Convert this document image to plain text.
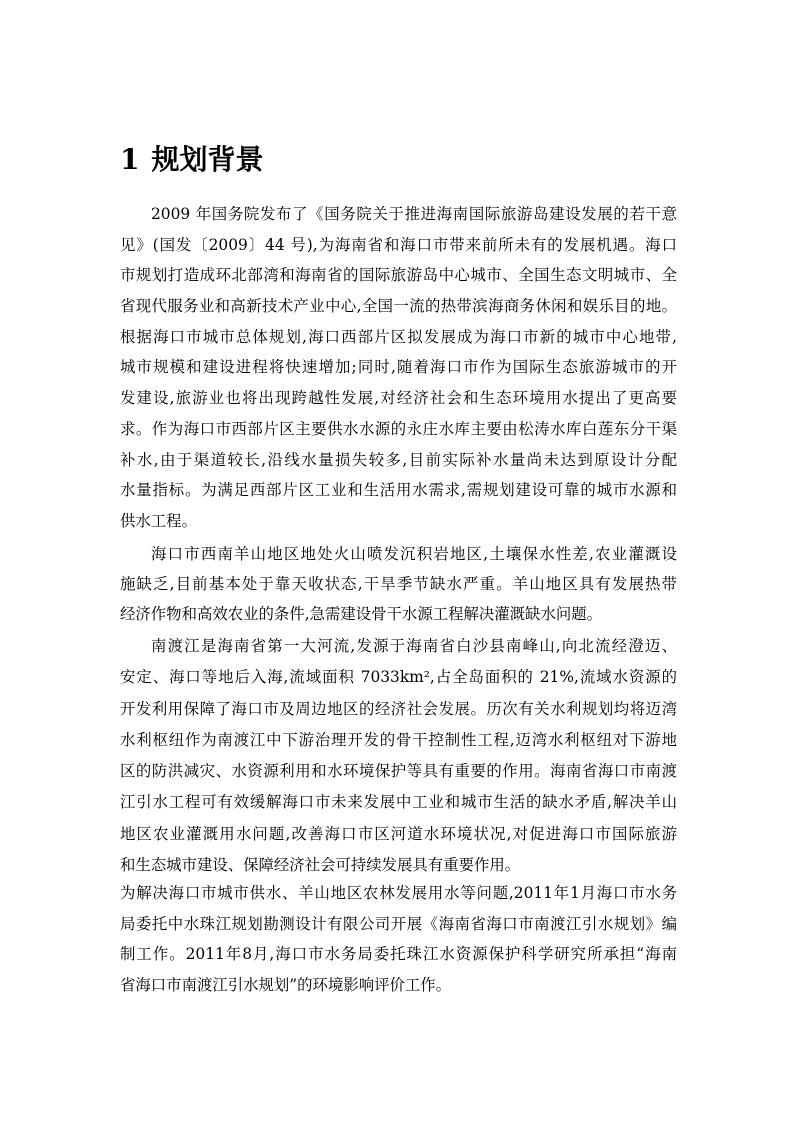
1 规划背景
2009 年国务院发布了《国务院关于推进海南国际旅游岛建设发展的若干意
见》(国发〔2009〕44 号),为海南省和海口市带来前所未有的发展机遇。海口
市规划打造成环北部湾和海南省的国际旅游岛中心城市、全国生态文明城市、全
省现代服务业和高新技术产业中心,全国一流的热带滨海商务休闲和娱乐目的地。
根据海口市城市总体规划,海口西部片区拟发展成为海口市新的城市中心地带,
城市规模和建设进程将快速增加;同时,随着海口市作为国际生态旅游城市的开
发建设,旅游业也将出现跨越性发展,对经济社会和生态环境用水提出了更高要
求。作为海口市西部片区主要供水水源的永庄水库主要由松涛水库白莲东分干渠
补水,由于渠道较长,沿线水量损失较多,目前实际补水量尚未达到原设计分配
水量指标。为满足西部片区工业和生活用水需求,需规划建设可靠的城市水源和
供水工程。
海口市西南羊山地区地处火山喷发沉积岩地区,土壤保水性差,农业灌溉设
施缺乏,目前基本处于靠天收状态,干旱季节缺水严重。羊山地区具有发展热带
经济作物和高效农业的条件,急需建设骨干水源工程解决灌溉缺水问题。
南渡江是海南省第一大河流,发源于海南省白沙县南峰山,向北流经澄迈、
安定、海口等地后入海,流域面积 7033km²,占全岛面积的 21%,流域水资源的
开发利用保障了海口市及周边地区的经济社会发展。历次有关水利规划均将迈湾
水利枢纽作为南渡江中下游治理开发的骨干控制性工程,迈湾水利枢纽对下游地
区的防洪减灾、水资源利用和水环境保护等具有重要的作用。海南省海口市南渡
江引水工程可有效缓解海口市未来发展中工业和城市生活的缺水矛盾,解决羊山
地区农业灌溉用水问题,改善海口市区河道水环境状况,对促进海口市国际旅游
和生态城市建设、保障经济社会可持续发展具有重要作用。
为解决海口市城市供水、羊山地区农林发展用水等问题,2011年1月海口市水务
局委托中水珠江规划勘测设计有限公司开展《海南省海口市南渡江引水规划》编
制工作。2011年8月,海口市水务局委托珠江水资源保护科学研究所承担“海南
省海口市南渡江引水规划”的环境影响评价工作。
